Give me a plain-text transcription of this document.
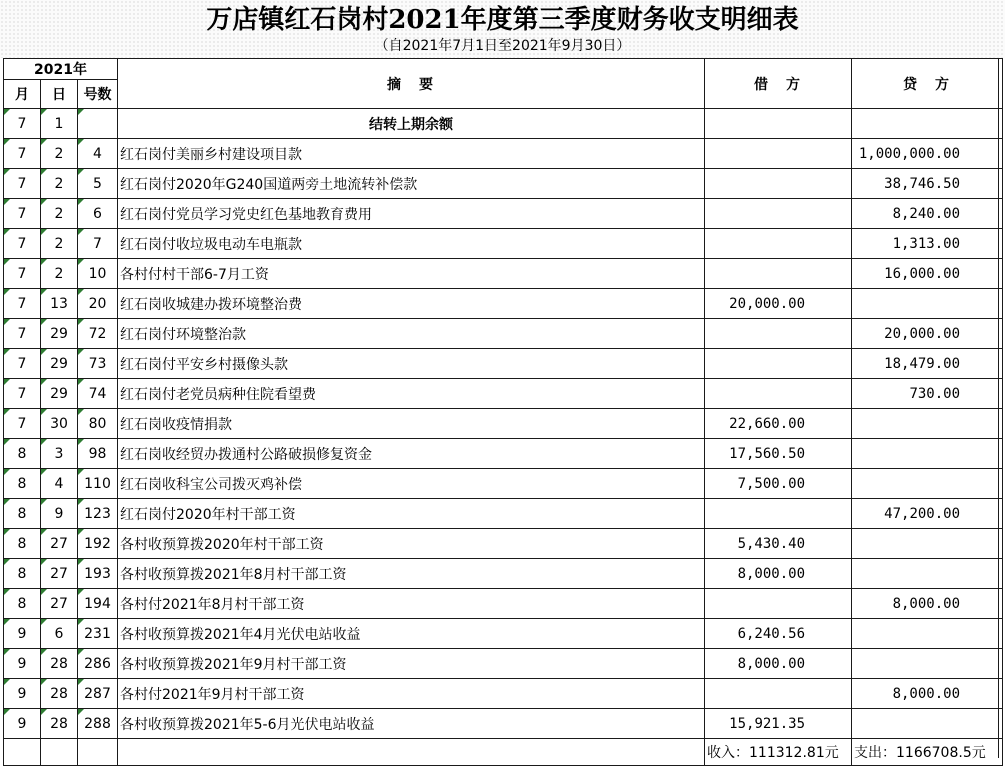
万店镇红石岗村2021年度第三季度财务收支明细表
（自2021年7月1日至2021年9月30日）
2021年			摘　要	借　方	贷　方
月	日	号数			
7	1		结转上期余额		
7	2	4	红石岗付美丽乡村建设项目款		1,000,000.00
7	2	5	红石岗付2020年G240国道两旁土地流转补偿款		38,746.50
7	2	6	红石岗付党员学习党史红色基地教育费用		8,240.00
7	2	7	红石岗付收垃圾电动车电瓶款		1,313.00
7	2	10	各村付村干部6-7月工资		16,000.00
7	13	20	红石岗收城建办拨环境整治费	20,000.00	
7	29	72	红石岗付环境整治款		20,000.00
7	29	73	红石岗付平安乡村摄像头款		18,479.00
7	29	74	红石岗付老党员病种住院看望费		730.00
7	30	80	红石岗收疫情捐款	22,660.00	
8	3	98	红石岗收经贸办拨通村公路破损修复资金	17,560.50	
8	4	110	红石岗收科宝公司拨灭鸡补偿	7,500.00	
8	9	123	红石岗付2020年村干部工资		47,200.00
8	27	192	各村收预算拨2020年村干部工资	5,430.40	
8	27	193	各村收预算拨2021年8月村干部工资	8,000.00	
8	27	194	各村付2021年8月村干部工资		8,000.00
9	6	231	各村收预算拨2021年4月光伏电站收益	6,240.56	
9	28	286	各村收预算拨2021年9月村干部工资	8,000.00	
9	28	287	各村付2021年9月村干部工资		8,000.00
9	28	288	各村收预算拨2021年5-6月光伏电站收益	15,921.35	
				收入：111312.81元	支出：1166708.5元
